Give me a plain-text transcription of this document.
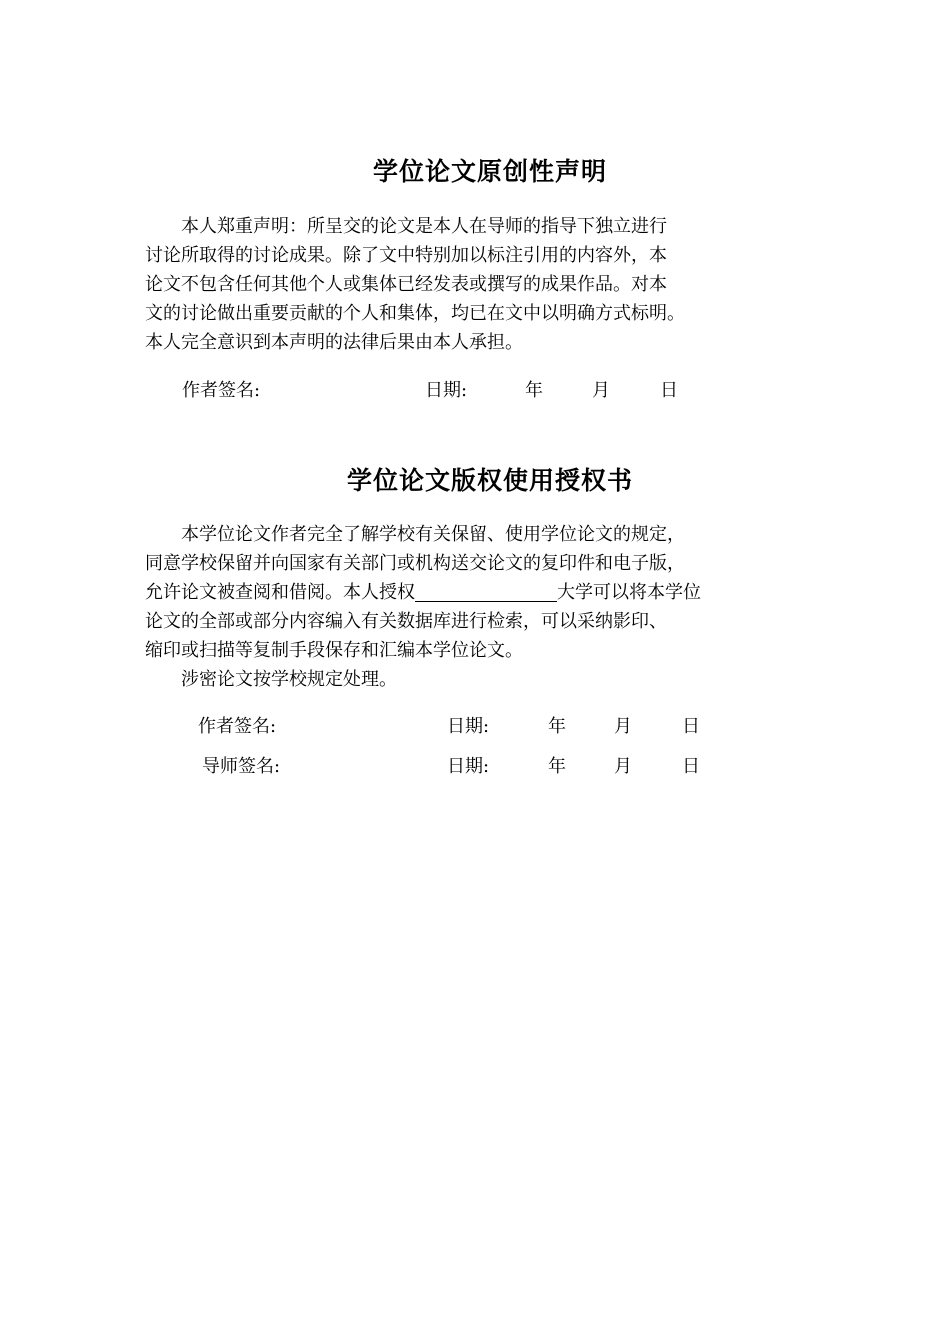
学位论文原创性声明
本人郑重声明：所呈交的论文是本人在导师的指导下独立进行
讨论所取得的讨论成果。除了文中特别加以标注引用的内容外，本
论文不包含任何其他个人或集体已经发表或撰写的成果作品。对本
文的讨论做出重要贡献的个人和集体，均已在文中以明确方式标明。
本人完全意识到本声明的法律后果由本人承担。
作者签名:	日期:	年	月	日
学位论文版权使用授权书
本学位论文作者完全了解学校有关保留、使用学位论文的规定，
同意学校保留并向国家有关部门或机构送交论文的复印件和电子版，
允许论文被查阅和借阅。本人授权	大学可以将本学位
论文的全部或部分内容编入有关数据库进行检索，可以采纳影印、
缩印或扫描等复制手段保存和汇编本学位论文。
涉密论文按学校规定处理。
作者签名:	日期:	年	月	日
导师签名:	日期:	年	月	日
